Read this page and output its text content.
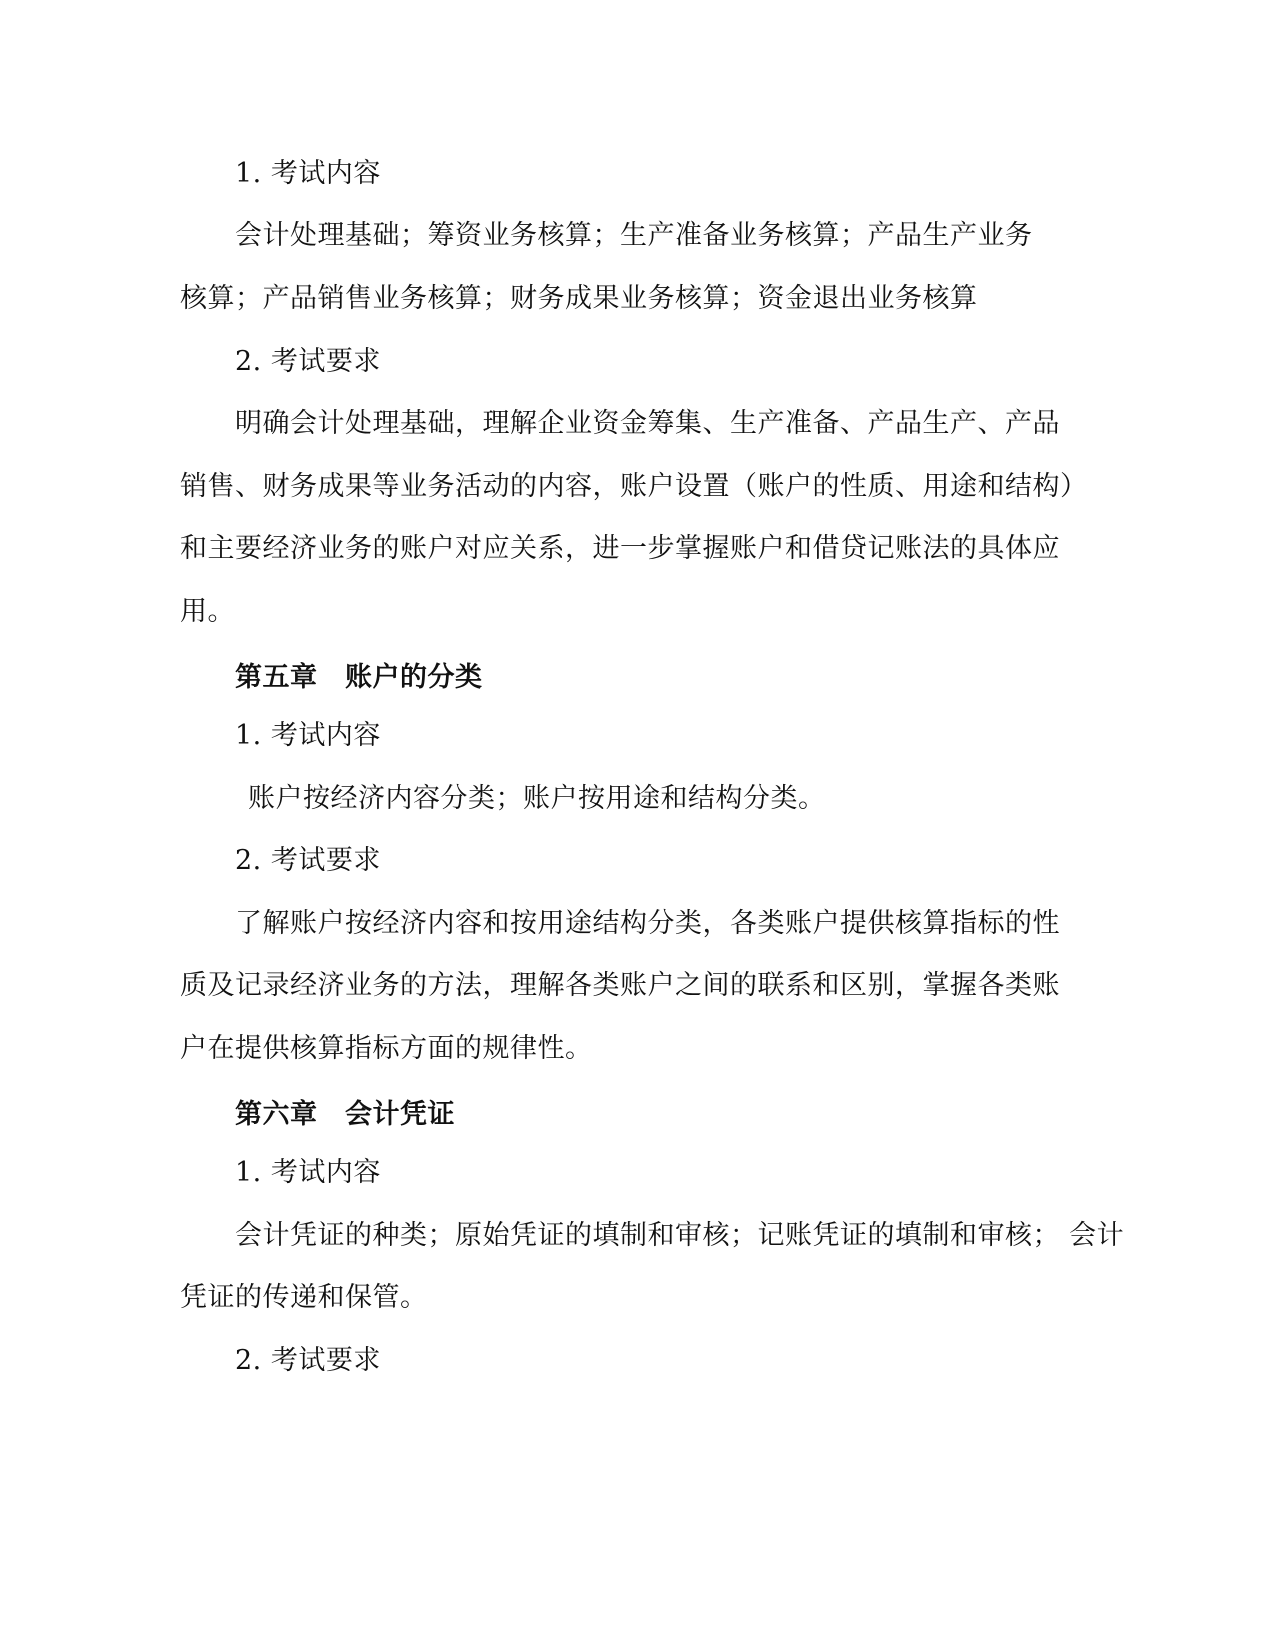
1. 考试内容
会计处理基础；筹资业务核算；生产准备业务核算；产品生产业务
核算；产品销售业务核算；财务成果业务核算；资金退出业务核算
2. 考试要求
明确会计处理基础，理解企业资金筹集、生产准备、产品生产、产品
销售、财务成果等业务活动的内容，账户设置（账户的性质、用途和结构）
和主要经济业务的账户对应关系，进一步掌握账户和借贷记账法的具体应
用。
第五章　账户的分类
1. 考试内容
账户按经济内容分类；账户按用途和结构分类。
2. 考试要求
了解账户按经济内容和按用途结构分类，各类账户提供核算指标的性
质及记录经济业务的方法，理解各类账户之间的联系和区别，掌握各类账
户在提供核算指标方面的规律性。
第六章　会计凭证
1. 考试内容
会计凭证的种类；原始凭证的填制和审核；记账凭证的填制和审核； 会计
凭证的传递和保管。
2. 考试要求
